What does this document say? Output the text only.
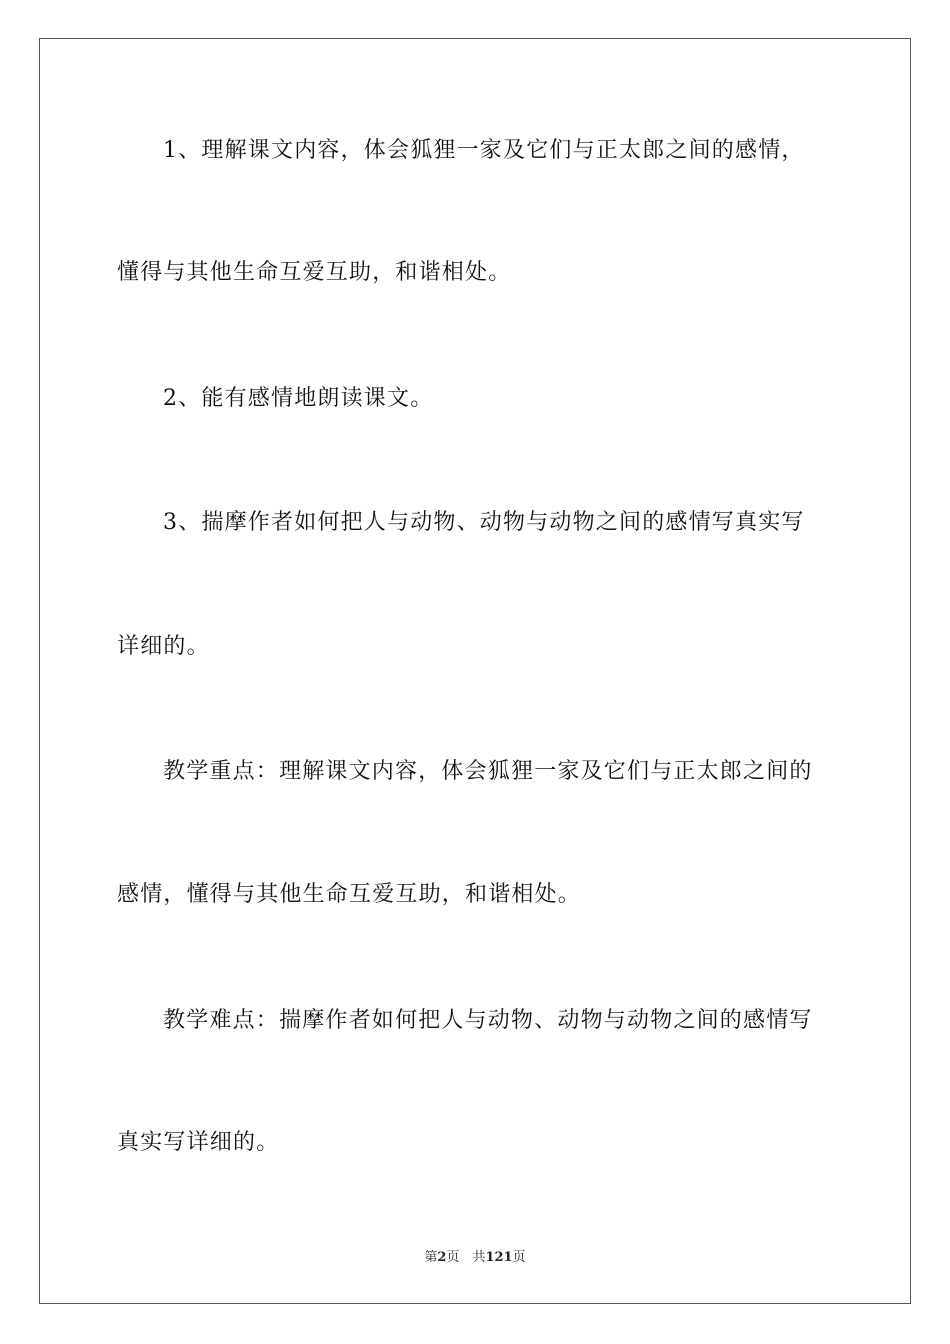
1、理解课文内容，体会狐狸一家及它们与正太郎之间的感情，
懂得与其他生命互爱互助，和谐相处。
2、能有感情地朗读课文。
3、揣摩作者如何把人与动物、动物与动物之间的感情写真实写
详细的。
教学重点：理解课文内容，体会狐狸一家及它们与正太郎之间的
感情，懂得与其他生命互爱互助，和谐相处。
教学难点：揣摩作者如何把人与动物、动物与动物之间的感情写
真实写详细的。
第2页　共121页
